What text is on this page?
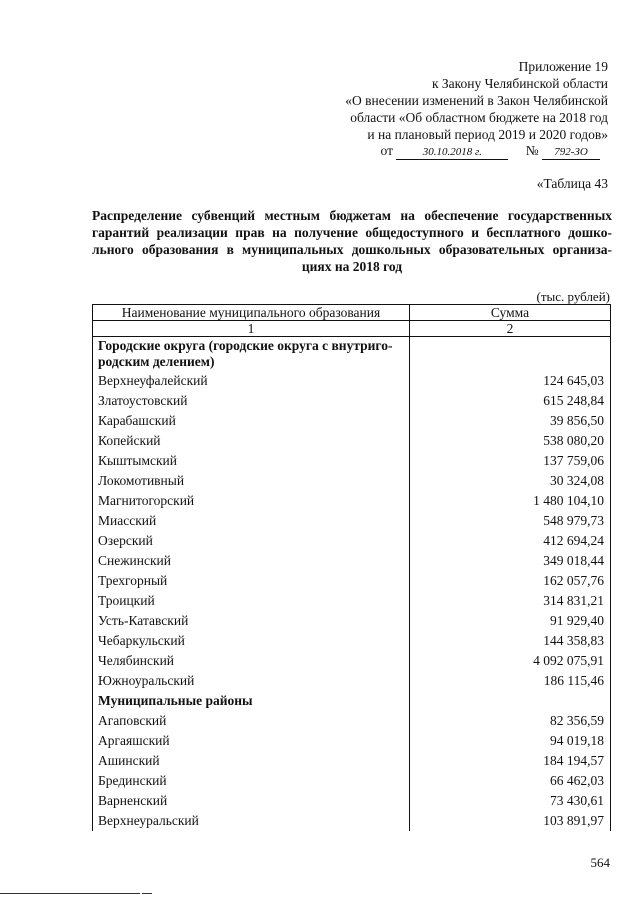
Приложение 19
к Закону Челябинской области
«О внесении изменений в Закон Челябинской
области «Об областном бюджете на 2018 год
и на плановый период 2019 и 2020 годов»
от	30.10.2018 г.	№ 792-ЗО
«Таблица 43
Распределение субвенций местным бюджетам на обеспечение государственных гарантий реализации прав на получение общедоступного и бесплатного дошко-льного образования в муниципальных дошкольных образовательных организа-циях на 2018 год
(тыс. рублей)
Наименование муниципального образования	Сумма
1	2
Городские округа (городские округа с внутриго-родским делением)	
Верхнеуфалейский	124 645,03
Златоустовский	615 248,84
Карабашский	39 856,50
Копейский	538 080,20
Кыштымский	137 759,06
Локомотивный	30 324,08
Магнитогорский	1 480 104,10
Миасский	548 979,73
Озерский	412 694,24
Снежинский	349 018,44
Трехгорный	162 057,76
Троицкий	314 831,21
Усть-Катавский	91 929,40
Чебаркульский	144 358,83
Челябинский	4 092 075,91
Южноуральский	186 115,46
Муниципальные районы	
Агаповский	82 356,59
Аргаяшский	94 019,18
Ашинский	184 194,57
Брединский	66 462,03
Варненский	73 430,61
Верхнеуральский	103 891,97
564
